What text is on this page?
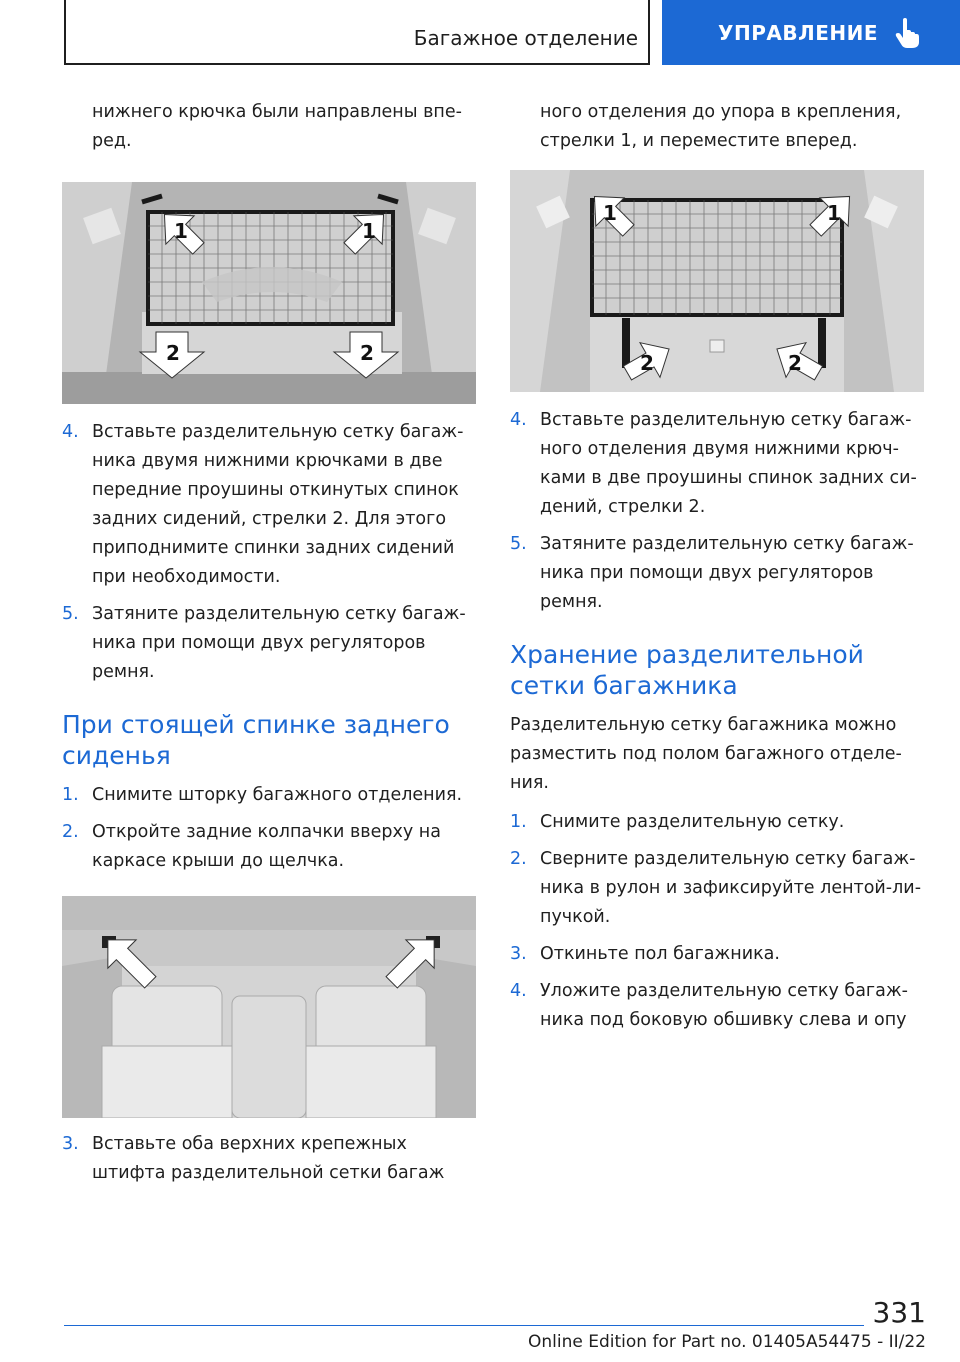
Багажное отделение	УПРАВЛЕНИЕ

нижнего крючка были направлены вперед.

1	1
2	2
4. Вставьте разделительную сетку багажника двумя нижними крючками в две передние проушины откинутых спинок задних сидений, стрелки 2. Для этого приподнимите спинки задних сидений при необходимости.
5. Затяните разделительную сетку багажника при помощи двух регуляторов ремня.
При стоящей спинке заднего сиденья
1. Снимите шторку багажного отделения.
2. Откройте задние колпачки вверху на каркасе крыши до щелчка.
3. Вставьте оба верхних крепежных штифта разделительной сетки багаж

ного отделения до упора в крепления, стрелки 1, и переместите вперед.

1	1
2	2
4. Вставьте разделительную сетку багажного отделения двумя нижними крючками в две проушины спинок задних сидений, стрелки 2.
5. Затяните разделительную сетку багажника при помощи двух регуляторов ремня.
Хранение разделительной сетки багажника

Разделительную сетку багажника можно разместить под полом багажного отделения.

1. Снимите разделительную сетку.
2. Сверните разделительную сетку багажника в рулон и зафиксируйте лентой-липучкой.
3. Откиньте пол багажника.
4. Уложите разделительную сетку багажника под боковую обшивку слева и опу
331
Online Edition for Part no. 01405A54475 - II/22
